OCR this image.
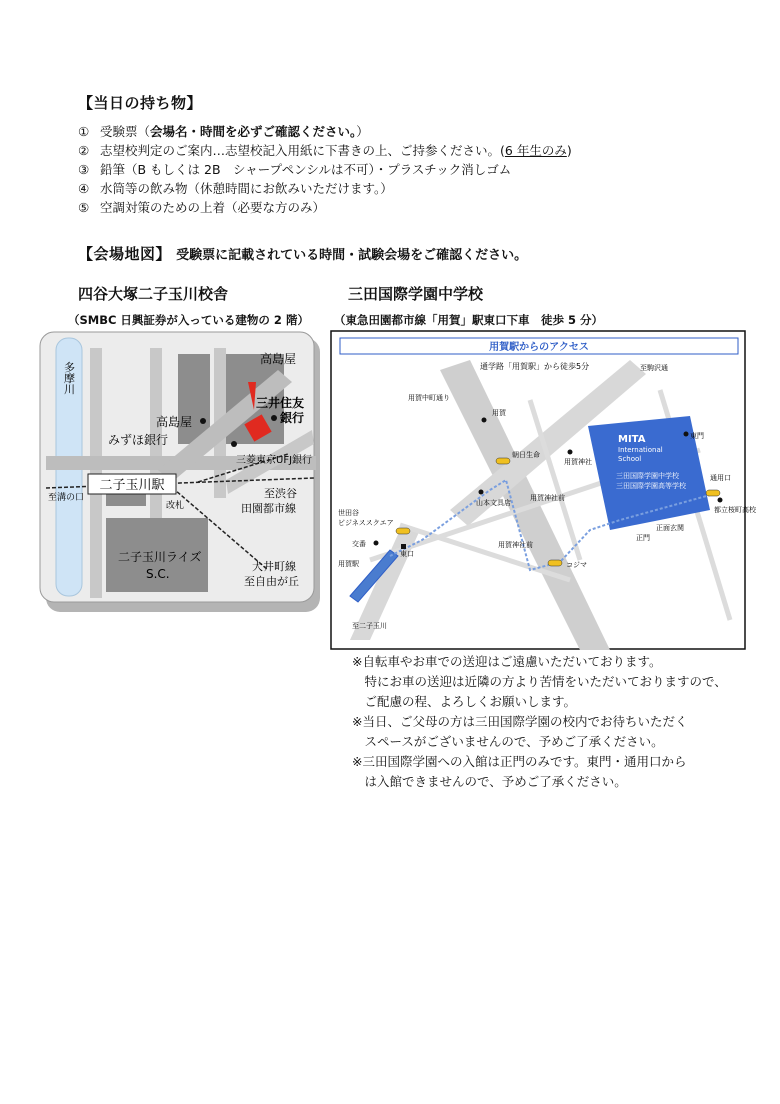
【当日の持ち物】
① 受験票（会場名・時間を必ずご確認ください。）
② 志望校判定のご案内…志望校記入用紙に下書きの上、ご持参ください。(6 年生のみ)
③ 鉛筆（B もしくは 2B　シャープペンシルは不可）・プラスチック消しゴム
④ 水筒等の飲み物（休憩時間にお飲みいただけます。）
⑤ 空調対策のための上着（必要な方のみ）
【会場地図】 受験票に記載されている時間・試験会場をご確認ください。
四谷大塚二子玉川校舎
（SMBC 日興証券が入っている建物の 2 階）
三田国際学園中学校
（東急田園都市線「用賀」駅東口下車　徒歩 5 分）
二子玉川駅
多摩川
高島屋
高島屋
みずほ銀行
三井住友
銀行
三菱東京UFJ銀行
至溝の口
改札
至渋谷
田園都市線
二子玉川ライズ
S.C.
大井町線
至自由が丘
用賀駅からのアクセス
MITA
International
School
三田国際学園中学校
三田国際学園高等学校
通学路「用賀駅」から徒歩5分	至駒沢通
用賀中町通り
用賀
朝日生命
用賀神社
山本文具店
用賀神社前
世田谷
ビジネススクエア
交番
東口
用賀駅
用賀神社前
コジマ
至二子玉川
東門
通用口
正門
正面玄関
都立桜町高校
※自転車やお車での送迎はご遠慮いただいております。
　特にお車の送迎は近隣の方より苦情をいただいておりますので、
　ご配慮の程、よろしくお願いします。
※当日、ご父母の方は三田国際学園の校内でお待ちいただく
　スペースがございませんので、予めご了承ください。
※三田国際学園への入館は正門のみです。東門・通用口から
　は入館できませんので、予めご了承ください。
